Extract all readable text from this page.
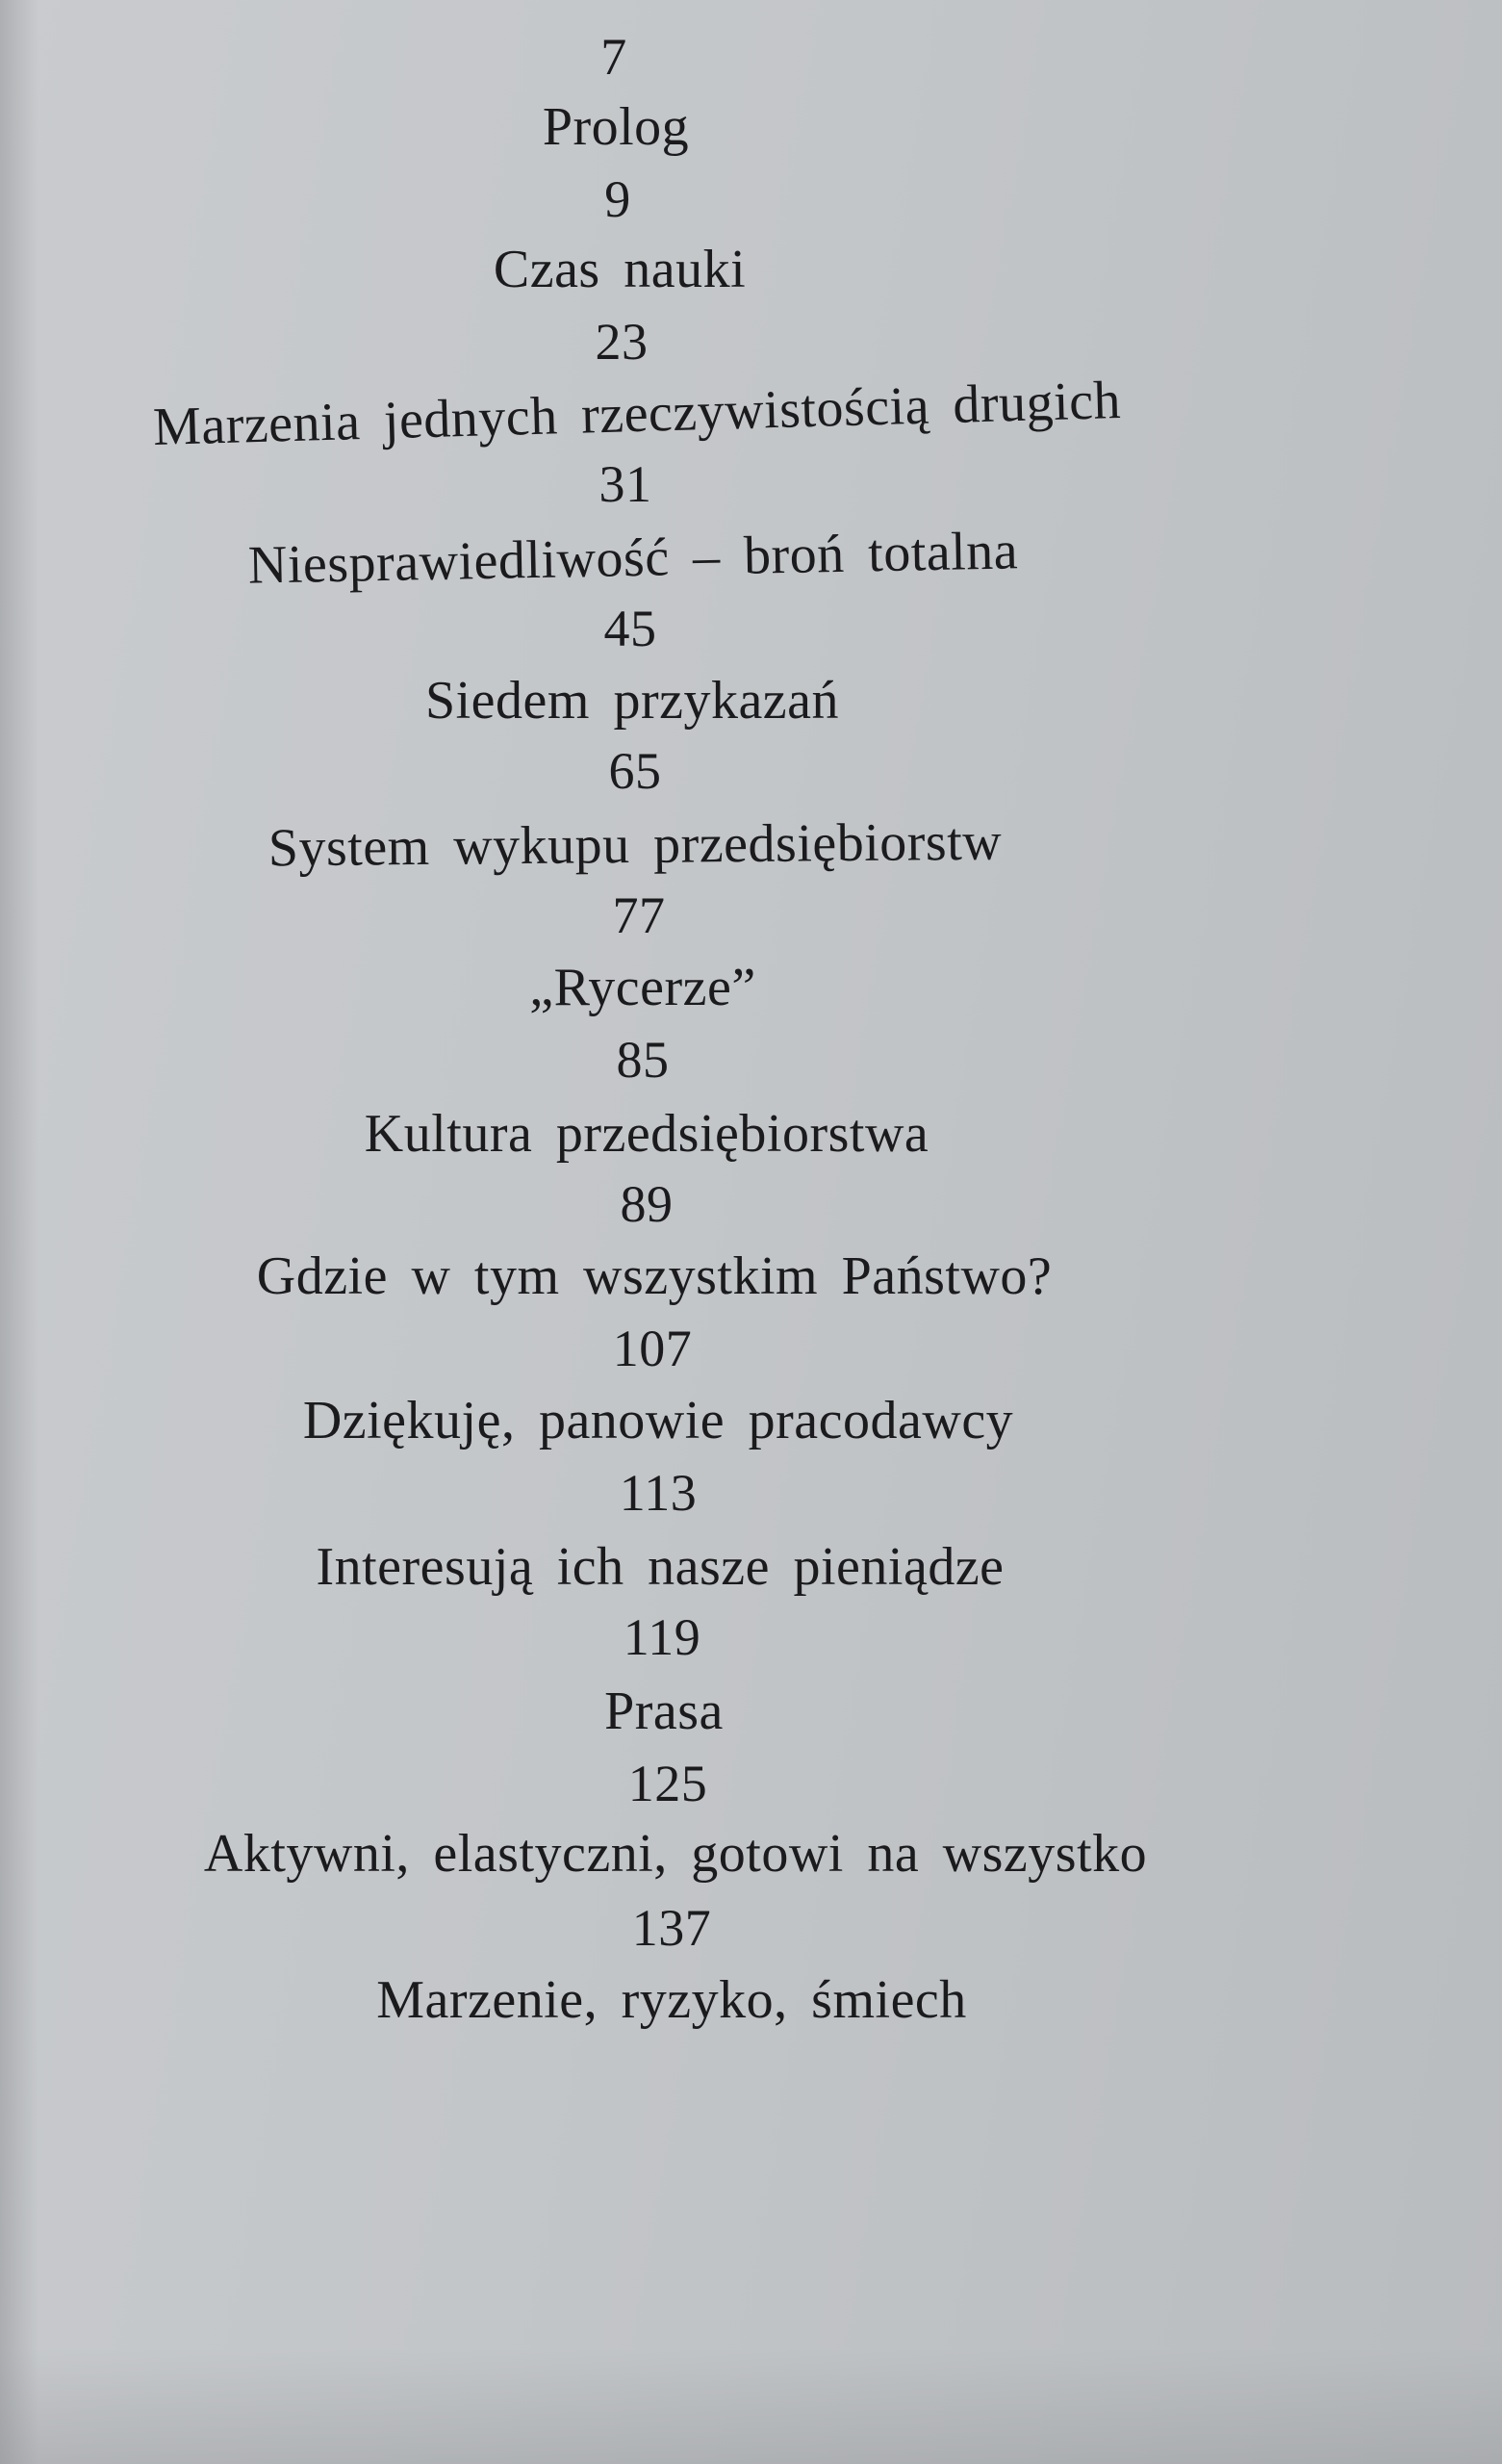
7
Prolog
9
Czas nauki
23
Marzenia jednych rzeczywistością drugich
31
Niesprawiedliwość – broń totalna
45
Siedem przykazań
65
System wykupu przedsiębiorstw
77
„Rycerze”
85
Kultura przedsiębiorstwa
89
Gdzie w tym wszystkim Państwo?
107
Dziękuję, panowie pracodawcy
113
Interesują ich nasze pieniądze
119
Prasa
125
Aktywni, elastyczni, gotowi na wszystko
137
Marzenie, ryzyko, śmiech
